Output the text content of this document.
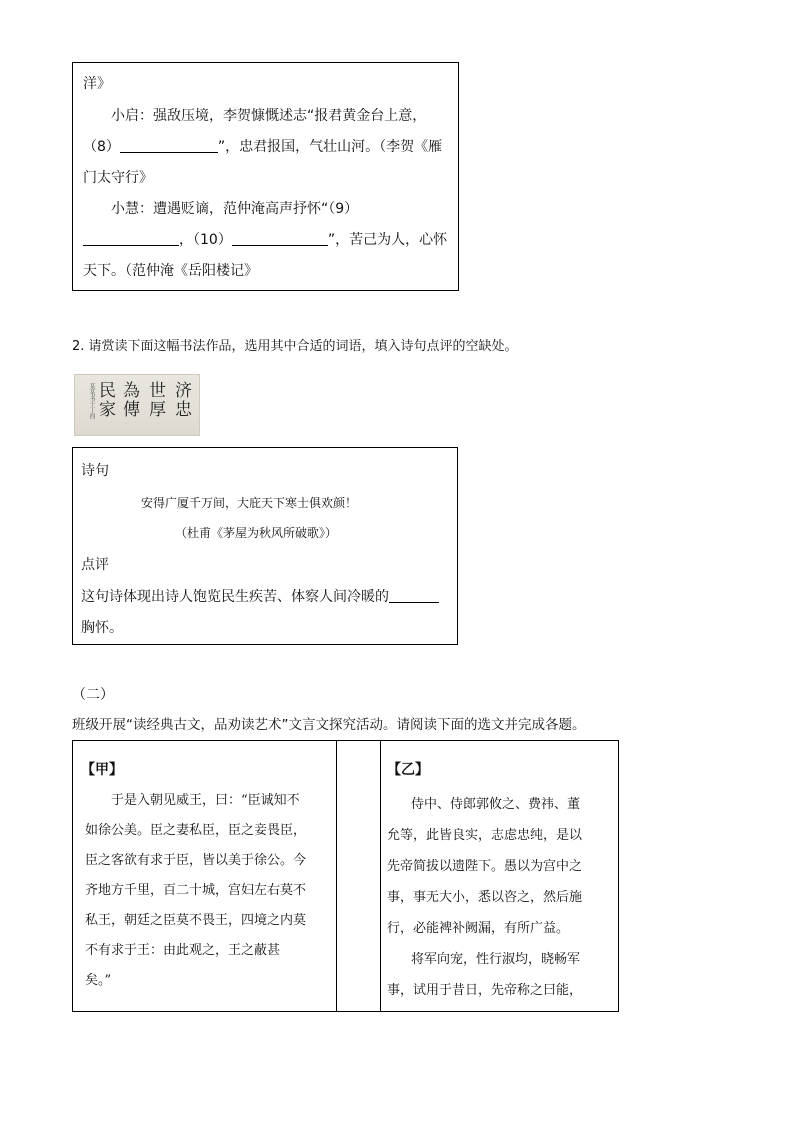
洋》
小启：强敌压境，李贺慷慨述志“报君黄金台上意，
（8）	”，忠君报国，气壮山河。（李贺《雁
门太守行》
小慧：遭遇贬谪，范仲淹高声抒怀“（9）
，（10）	”，苦己为人，心怀
天下。（范仲淹《岳阳楼记》
2. 请赏读下面这幅书法作品，选用其中合适的词语，填入诗句点评的空缺处。
某某书于丁酉	济忠
世厚
為傳
民家
诗句
安得广厦千万间，大庇天下寒士俱欢颜！
（杜甫《茅屋为秋风所破歌》）
点评
这句诗体现出诗人饱览民生疾苦、体察人间冷暖的
胸怀。
（二）
班级开展“读经典古文，品劝读艺术”文言文探究活动。请阅读下面的选文并完成各题。
【甲】
于是入朝见威王，曰：“臣诚知不
如徐公美。臣之妻私臣，臣之妾畏臣，
臣之客欲有求于臣，皆以美于徐公。今
齐地方千里，百二十城，宫妇左右莫不
私王，朝廷之臣莫不畏王，四境之内莫
不有求于王：由此观之，王之蔽甚
矣。”
【乙】
侍中、侍郎郭攸之、费祎、董
允等，此皆良实，志虑忠纯，是以
先帝简拔以遗陛下。愚以为宫中之
事，事无大小，悉以咨之，然后施
行，必能裨补阙漏，有所广益。
将军向宠，性行淑均，晓畅军
事，试用于昔日，先帝称之曰能，
